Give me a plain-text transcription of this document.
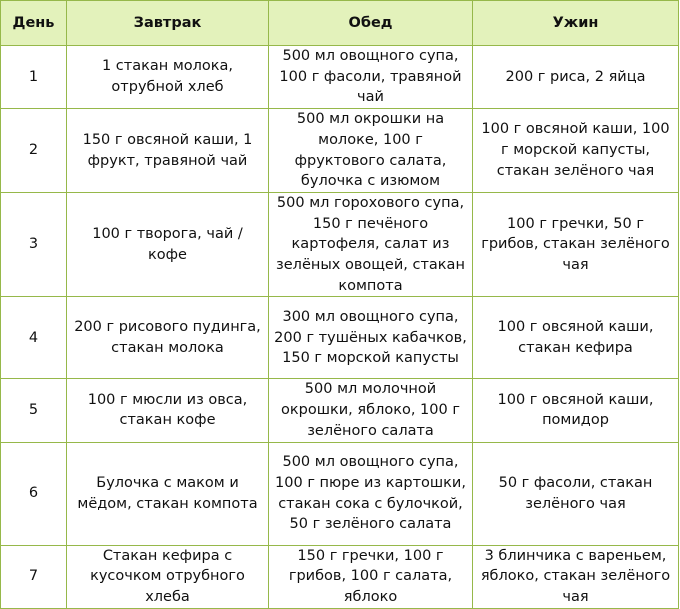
День	Завтрак	Обед	Ужин
1	1 стакан молока, отрубной хлеб	500 мл овощного супа, 100 г фасоли, травяной чай	200 г риса, 2 яйца
2	150 г овсяной каши, 1 фрукт, травяной чай	500 мл окрошки на молоке, 100 г фруктового салата, булочка с изюмом	100 г овсяной каши, 100 г морской капусты, стакан зелёного чая
3	100 г творога, чай / кофе	500 мл горохового супа, 150 г печёного картофеля, салат из зелёных овощей, стакан компота	100 г гречки, 50 г грибов, стакан зелёного чая
4	200 г рисового пудинга, стакан молока	300 мл овощного супа, 200 г тушёных кабачков, 150 г морской капусты	100 г овсяной каши, стакан кефира
5	100 г мюсли из овса, стакан кофе	500 мл молочной окрошки, яблоко, 100 г зелёного салата	100 г овсяной каши, помидор
6	Булочка с маком и мёдом, стакан компота	500 мл овощного супа, 100 г пюре из картошки, стакан сока с булочкой, 50 г зелёного салата	50 г фасоли, стакан зелёного чая
7	Стакан кефира с кусочком отрубного хлеба	150 г гречки, 100 г грибов, 100 г салата, яблоко	3 блинчика с вареньем, яблоко, стакан зелёного чая
